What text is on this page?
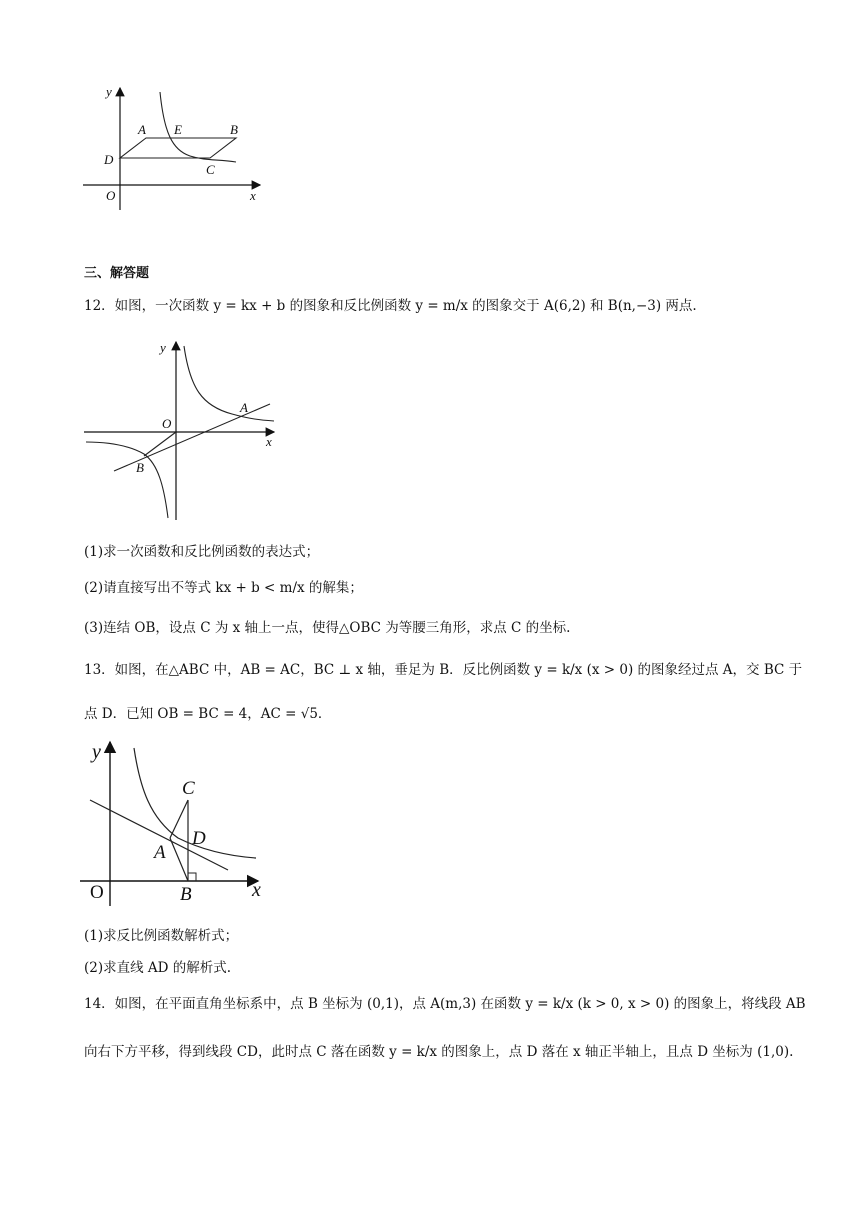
y
x
O
A E	B
D
C
三、解答题
12．如图，一次函数 y = kx + b 的图象和反比例函数 y = m/x 的图象交于 A(6,2) 和 B(n,−3) 两点.
y
x
O
A
B
(1)求一次函数和反比例函数的表达式；
(2)请直接写出不等式 kx + b < m/x 的解集；
(3)连结 OB，设点 C 为 x 轴上一点，使得△OBC 为等腰三角形，求点 C 的坐标.
13．如图，在△ABC 中，AB = AC，BC ⊥ x 轴，垂足为 B．反比例函数 y = k/x (x > 0) 的图象经过点 A，交 BC 于
点 D．已知 OB = BC = 4，AC = √5．
y
x
O
A
B
C
D
(1)求反比例函数解析式；
(2)求直线 AD 的解析式.
14．如图，在平面直角坐标系中，点 B 坐标为 (0,1)，点 A(m,3) 在函数 y = k/x (k > 0, x > 0) 的图象上，将线段 AB
向右下方平移，得到线段 CD，此时点 C 落在函数 y = k/x 的图象上，点 D 落在 x 轴正半轴上，且点 D 坐标为 (1,0).
